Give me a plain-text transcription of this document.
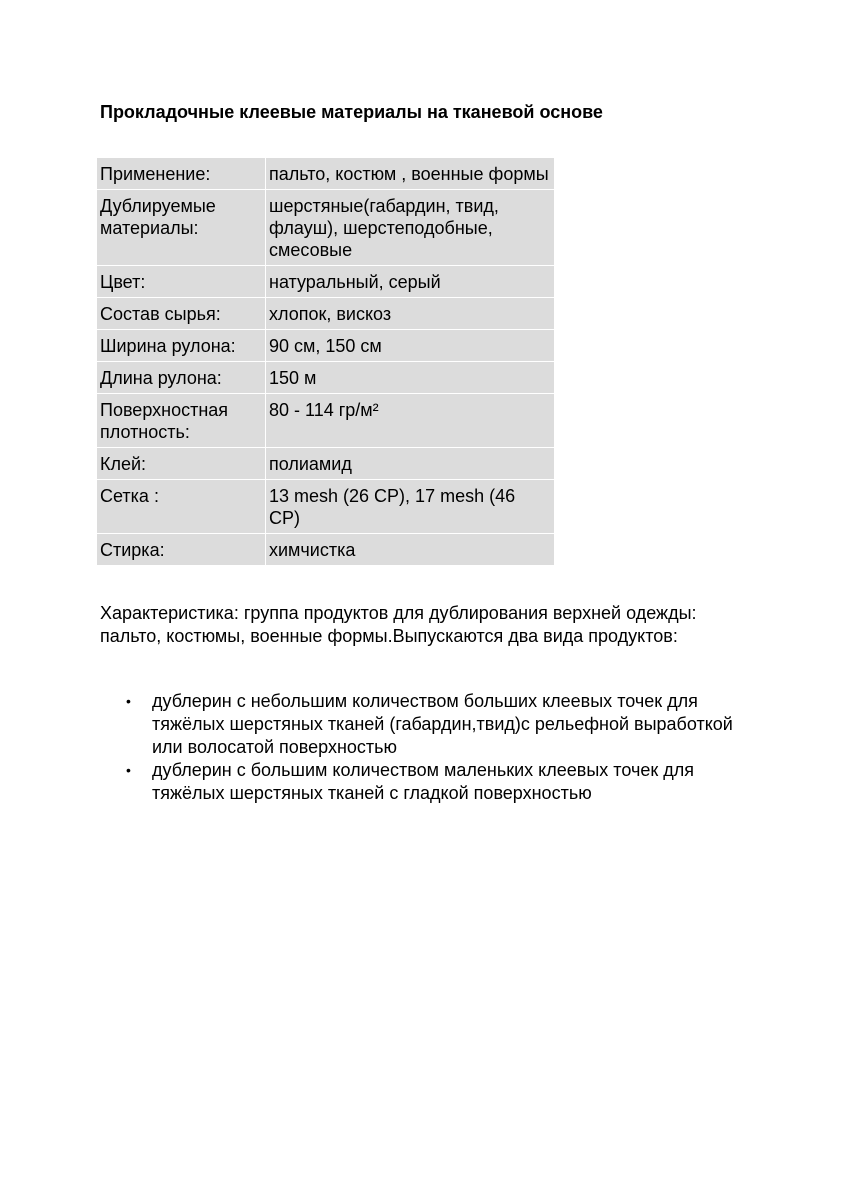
Прокладочные клеевые материалы на тканевой основе
Применение:	пальто, костюм , военные формы
Дублируемые материалы:	шерстяные(габардин, твид, флауш), шерстеподобные, смесовые
Цвет:	натуральный, серый
Состав сырья:	хлопок, вискоз
Ширина рулона:	90 см, 150 см
Длина рулона:	150 м
Поверхностная плотность:	80 - 114 гр/м²
Клей:	полиамид
Сетка :	13 mesh (26 CP), 17 mesh (46 CP)
Стирка:	химчистка

Характеристика: группа продуктов для дублирования верхней одежды: пальто, костюмы, военные формы.Выпускаются два вида продуктов:

• дублерин с небольшим количеством больших клеевых точек для тяжёлых шерстяных тканей (габардин,твид)с рельефной выработкой или волосатой поверхностью
• дублерин с большим количеством маленьких клеевых точек для тяжёлых шерстяных тканей с гладкой поверхностью
